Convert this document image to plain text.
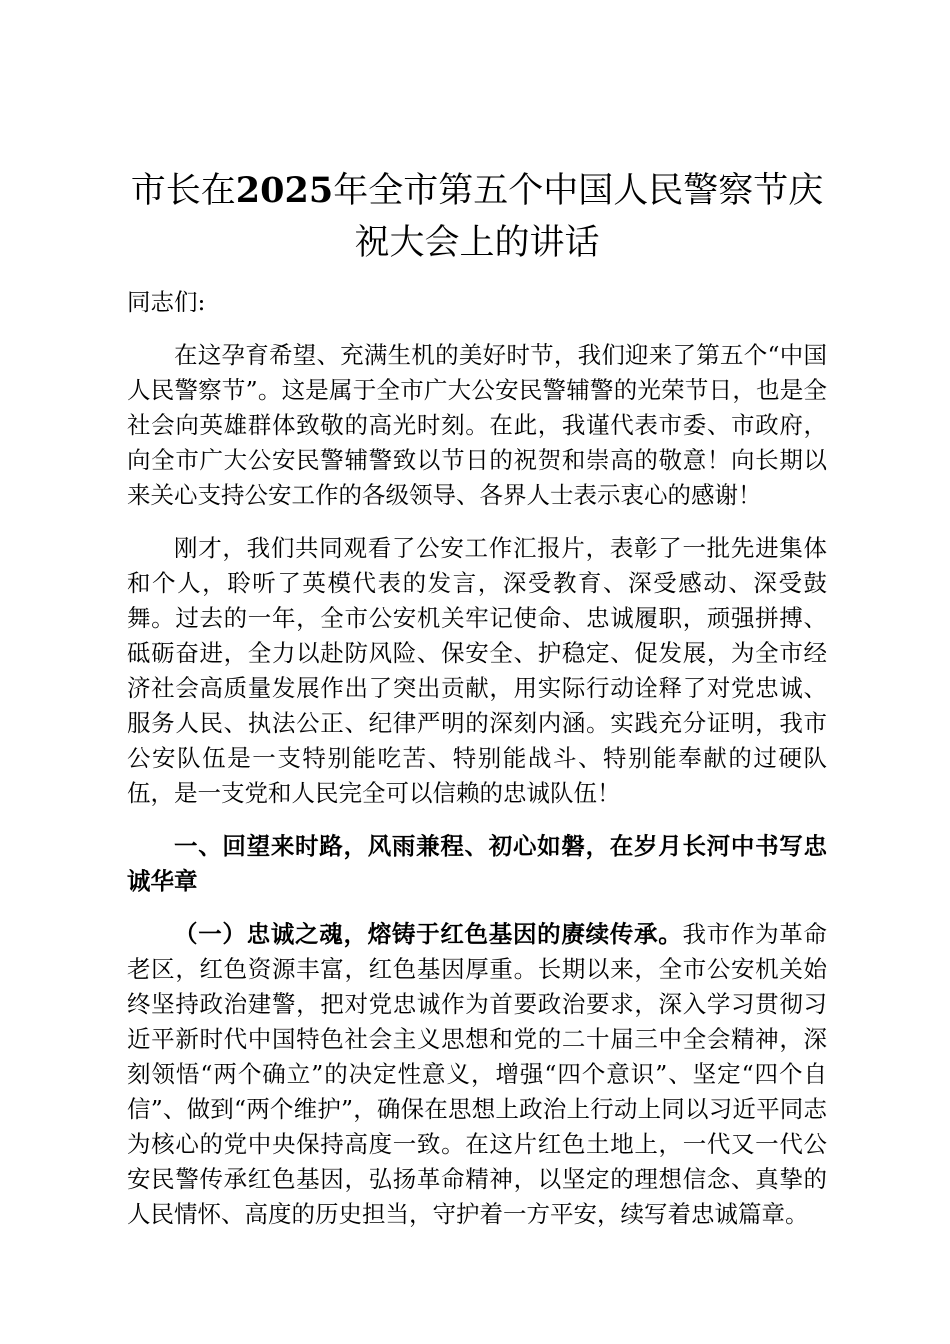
市长在2025年全市第五个中国人民警察节庆祝大会上的讲话

同志们:

在这孕育希望、充满生机的美好时节，我们迎来了第五个“中国人民警察节”。这是属于全市广大公安民警辅警的光荣节日，也是全社会向英雄群体致敬的高光时刻。在此，我谨代表市委、市政府，向全市广大公安民警辅警致以节日的祝贺和崇高的敬意！向长期以来关心支持公安工作的各级领导、各界人士表示衷心的感谢！

刚才，我们共同观看了公安工作汇报片，表彰了一批先进集体和个人，聆听了英模代表的发言，深受教育、深受感动、深受鼓舞。过去的一年，全市公安机关牢记使命、忠诚履职，顽强拼搏、砥砺奋进，全力以赴防风险、保安全、护稳定、促发展，为全市经济社会高质量发展作出了突出贡献，用实际行动诠释了对党忠诚、服务人民、执法公正、纪律严明的深刻内涵。实践充分证明，我市公安队伍是一支特别能吃苦、特别能战斗、特别能奉献的过硬队伍，是一支党和人民完全可以信赖的忠诚队伍！

一、回望来时路，风雨兼程、初心如磐，在岁月长河中书写忠诚华章

（一）忠诚之魂，熔铸于红色基因的赓续传承。我市作为革命老区，红色资源丰富，红色基因厚重。长期以来，全市公安机关始终坚持政治建警，把对党忠诚作为首要政治要求，深入学习贯彻习近平新时代中国特色社会主义思想和党的二十届三中全会精神，深刻领悟“两个确立”的决定性意义，增强“四个意识”、坚定“四个自信”、做到“两个维护”，确保在思想上政治上行动上同以习近平同志为核心的党中央保持高度一致。在这片红色土地上，一代又一代公安民警传承红色基因，弘扬革命精神，以坚定的理想信念、真挚的人民情怀、高度的历史担当，守护着一方平安，续写着忠诚篇章。
